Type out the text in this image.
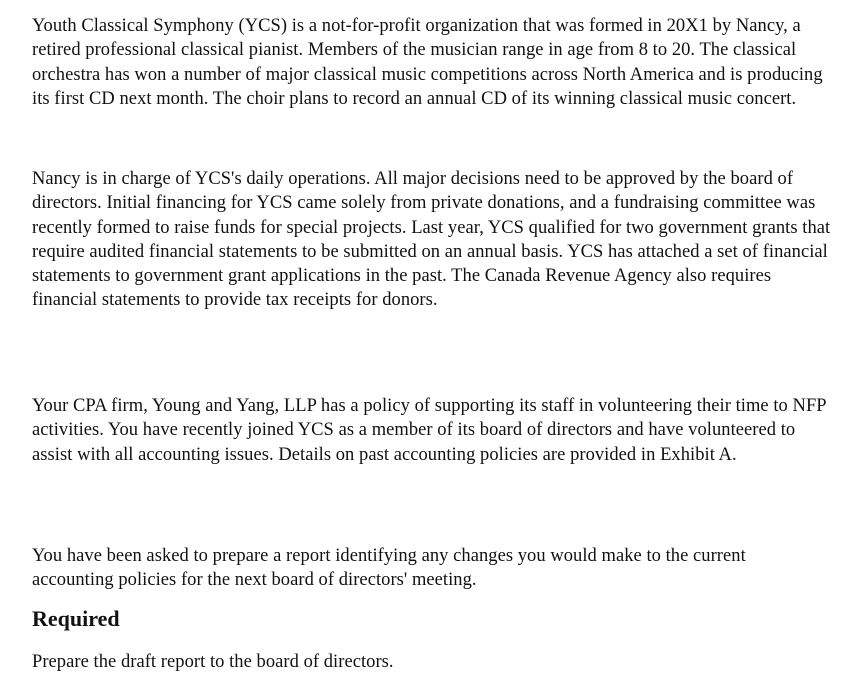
Youth Classical Symphony (YCS) is a not-for-profit organization that was formed in 20X1 by Nancy, a retired professional classical pianist. Members of the musician range in age from 8 to 20. The classical orchestra has won a number of major classical music competitions across North America and is producing its first CD next month. The choir plans to record an annual CD of its winning classical music concert.

Nancy is in charge of YCS's daily operations. All major decisions need to be approved by the board of directors. Initial financing for YCS came solely from private donations, and a fundraising committee was recently formed to raise funds for special projects. Last year, YCS qualified for two government grants that require audited financial statements to be submitted on an annual basis. YCS has attached a set of financial statements to government grant applications in the past. The Canada Revenue Agency also requires financial statements to provide tax receipts for donors.

Your CPA firm, Young and Yang, LLP has a policy of supporting its staff in volunteering their time to NFP activities. You have recently joined YCS as a member of its board of directors and have volunteered to assist with all accounting issues. Details on past accounting policies are provided in Exhibit A.

You have been asked to prepare a report identifying any changes you would make to the current accounting policies for the next board of directors' meeting.

Required

Prepare the draft report to the board of directors.
